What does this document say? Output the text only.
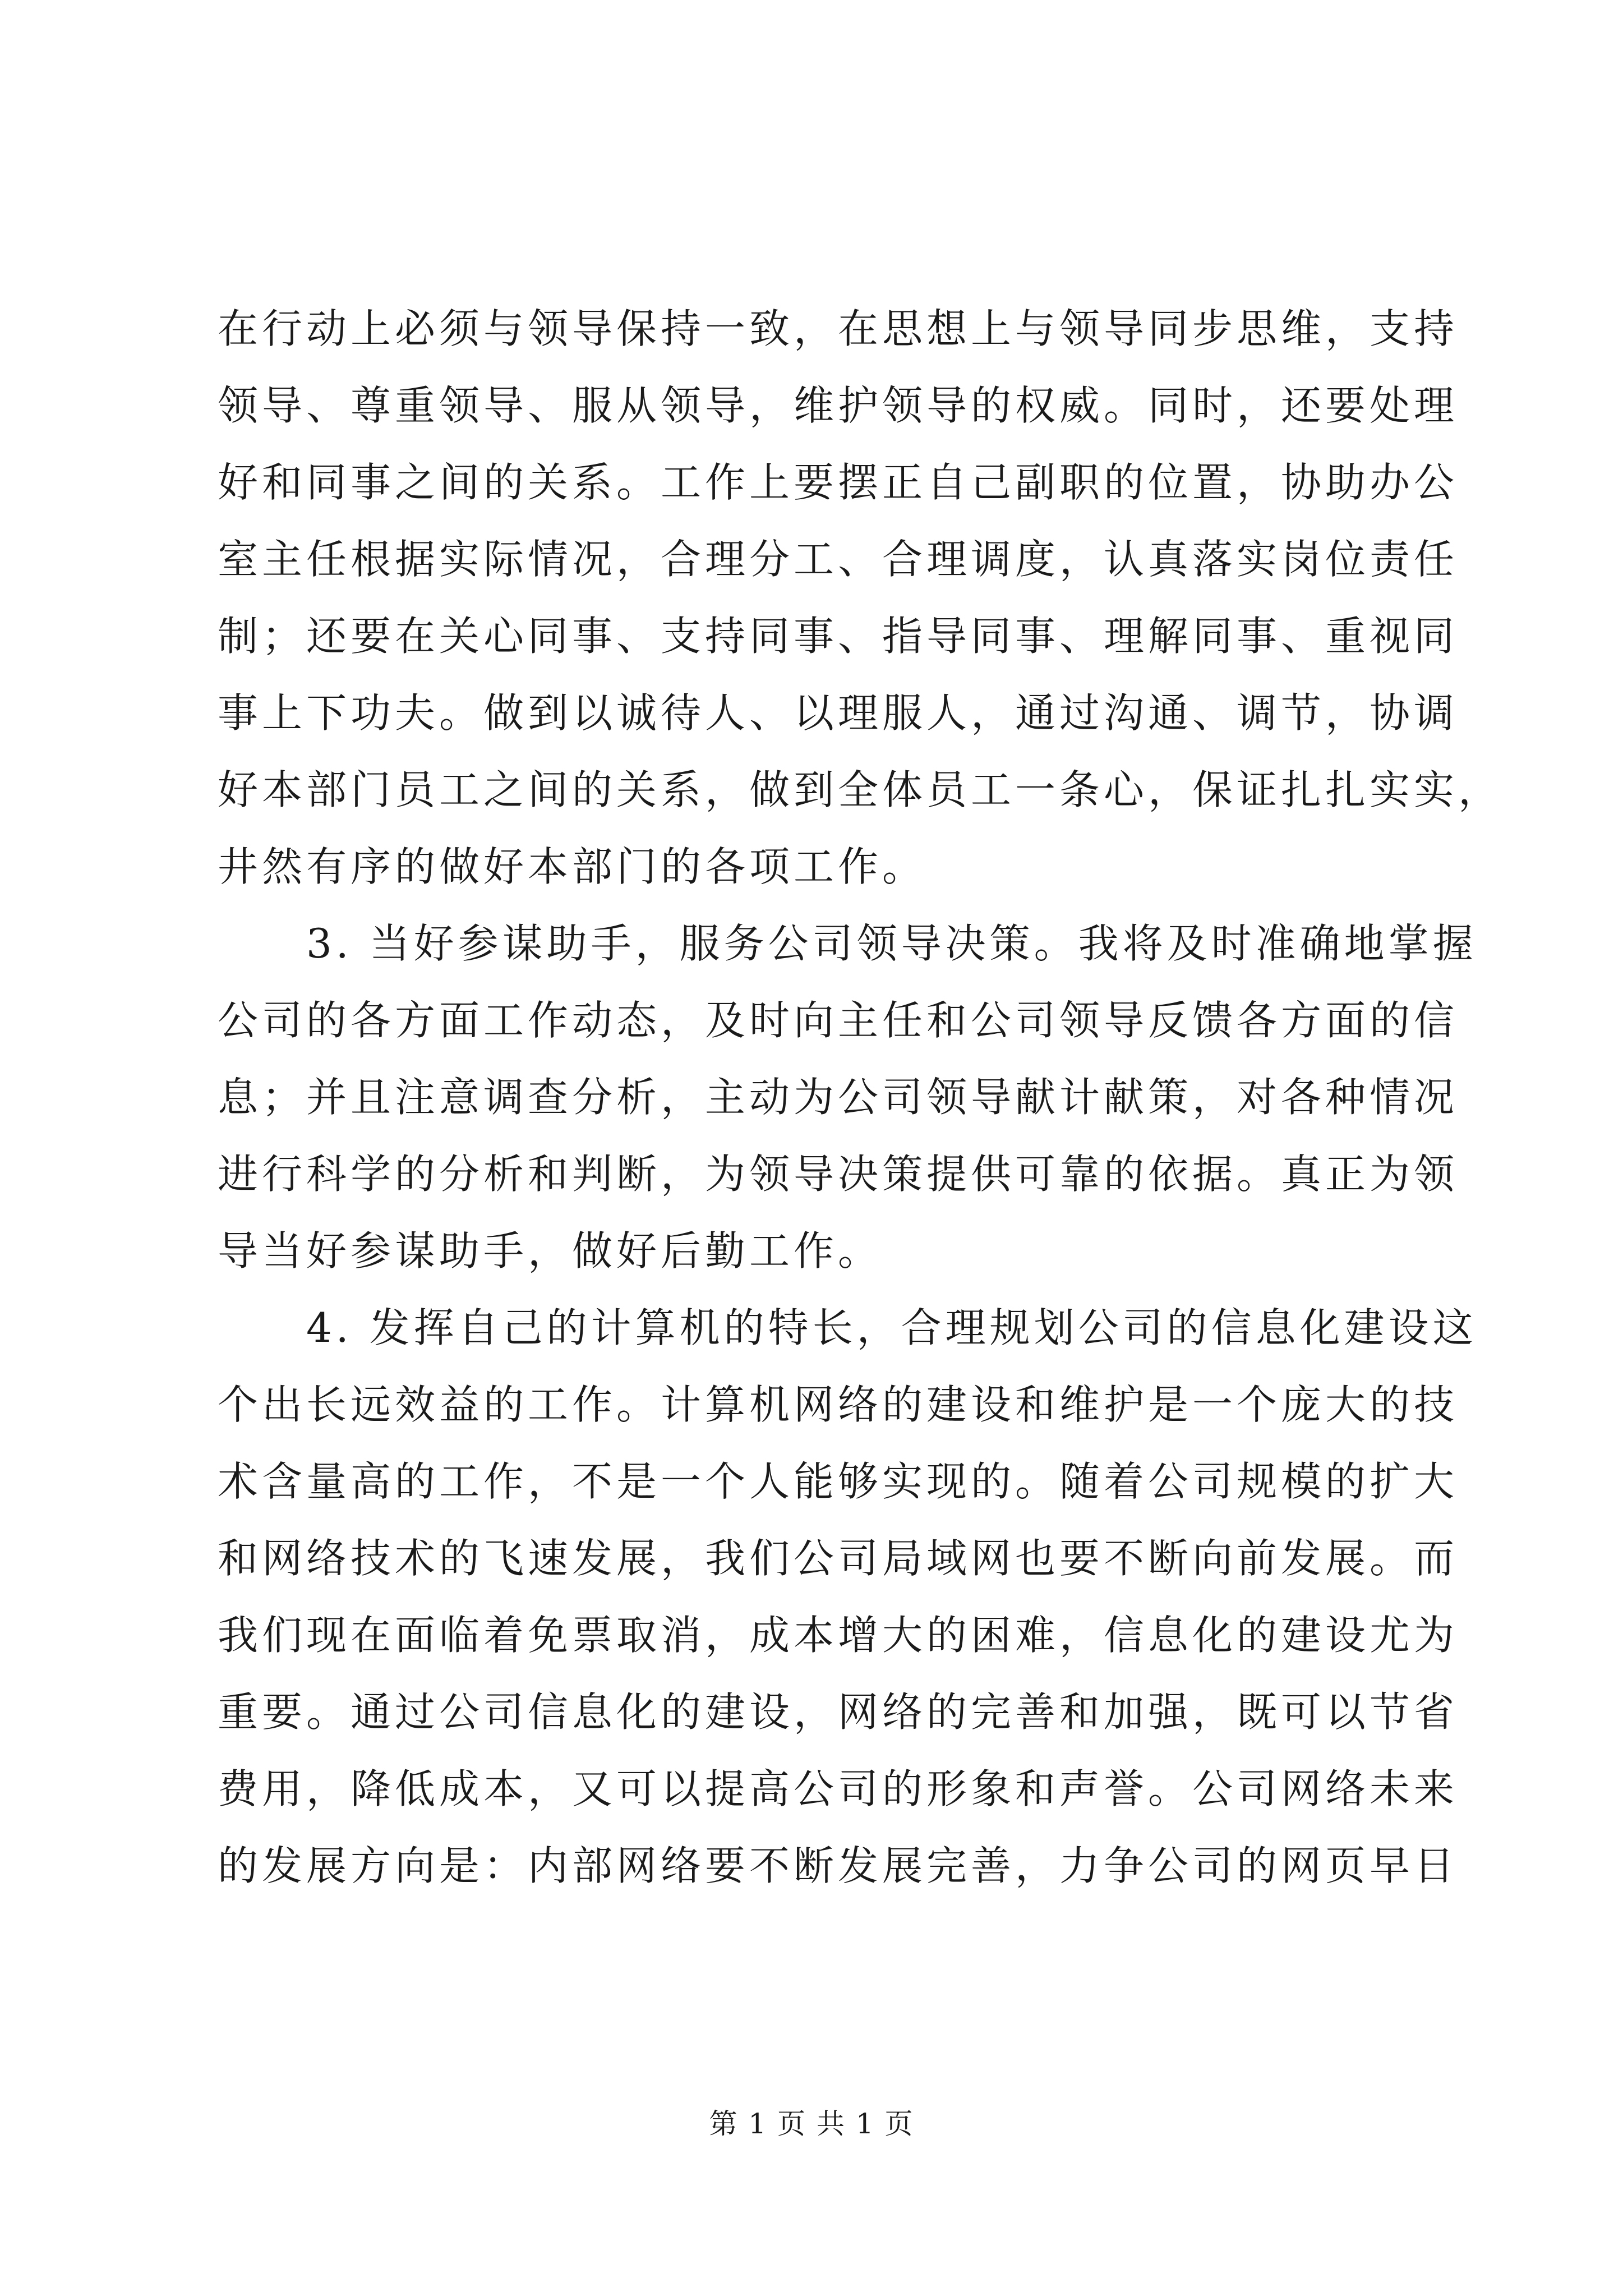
在行动上必须与领导保持一致，在思想上与领导同步思维，支持
领导、尊重领导、服从领导，维护领导的权威。同时，还要处理
好和同事之间的关系。工作上要摆正自己副职的位置，协助办公
室主任根据实际情况，合理分工、合理调度，认真落实岗位责任
制；还要在关心同事、支持同事、指导同事、理解同事、重视同
事上下功夫。做到以诚待人、以理服人，通过沟通、调节，协调
好本部门员工之间的关系，做到全体员工一条心，保证扎扎实实，
井然有序的做好本部门的各项工作。
　　3. 当好参谋助手，服务公司领导决策。我将及时准确地掌握
公司的各方面工作动态，及时向主任和公司领导反馈各方面的信
息；并且注意调查分析，主动为公司领导献计献策，对各种情况
进行科学的分析和判断，为领导决策提供可靠的依据。真正为领
导当好参谋助手，做好后勤工作。
　　4. 发挥自己的计算机的特长，合理规划公司的信息化建设这
个出长远效益的工作。计算机网络的建设和维护是一个庞大的技
术含量高的工作，不是一个人能够实现的。随着公司规模的扩大
和网络技术的飞速发展，我们公司局域网也要不断向前发展。而
我们现在面临着免票取消，成本增大的困难，信息化的建设尤为
重要。通过公司信息化的建设，网络的完善和加强，既可以节省
费用，降低成本，又可以提高公司的形象和声誉。公司网络未来
的发展方向是：内部网络要不断发展完善，力争公司的网页早日
第 1 页 共 1 页
